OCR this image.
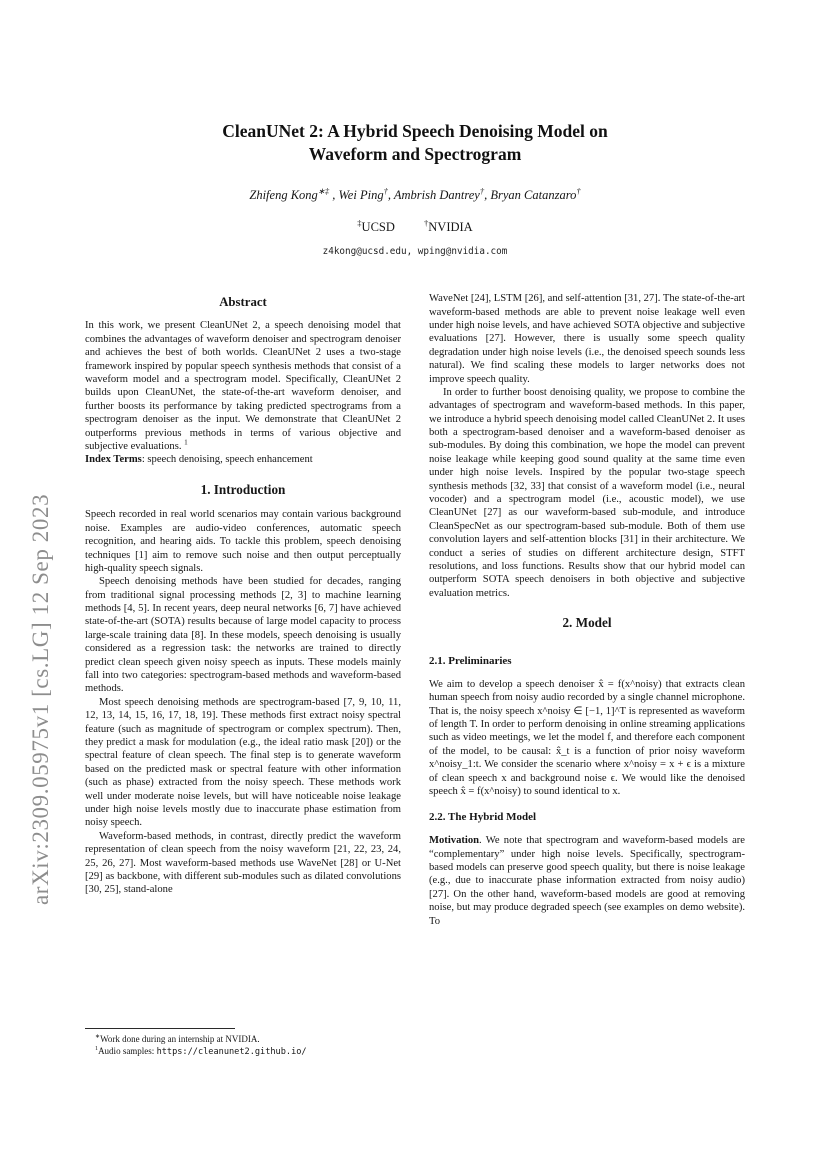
arXiv:2309.05975v1 [cs.LG] 12 Sep 2023
CleanUNet 2: A Hybrid Speech Denoising Model on
Waveform and Spectrogram
Zhifeng Kong∗‡ , Wei Ping†, Ambrish Dantrey†, Bryan Catanzaro†
‡UCSD	†NVIDIA
z4kong@ucsd.edu, wping@nvidia.com
Abstract

In this work, we present CleanUNet 2, a speech denoising model that combines the advantages of waveform denoiser and spectrogram denoiser and achieves the best of both worlds. CleanUNet 2 uses a two-stage framework inspired by popular speech synthesis methods that consist of a waveform model and a spectrogram model. Specifically, CleanUNet 2 builds upon CleanUNet, the state-of-the-art waveform denoiser, and further boosts its performance by taking predicted spectrograms from a spectrogram denoiser as the input. We demonstrate that CleanUNet 2 outperforms previous methods in terms of various objective and subjective evaluations. $^1$

Index Terms: speech denoising, speech enhancement

1. Introduction

Speech recorded in real world scenarios may contain various background noise. Examples are audio-video conferences, automatic speech recognition, and hearing aids. To tackle this problem, speech denoising techniques [1] aim to remove such noise and then output perceptually high-quality speech signals.

Speech denoising methods have been studied for decades, ranging from traditional signal processing methods [2, 3] to machine learning methods [4, 5]. In recent years, deep neural networks [6, 7] have achieved state-of-the-art (SOTA) results because of large model capacity to process large-scale training data [8]. In these models, speech denoising is usually considered as a regression task: the networks are trained to directly predict clean speech given noisy speech as inputs. These models mainly fall into two categories: spectrogram-based methods and waveform-based methods.

Most speech denoising methods are spectrogram-based [7, 9, 10, 11, 12, 13, 14, 15, 16, 17, 18, 19]. These methods first extract noisy spectral feature (such as magnitude of spectrogram or complex spectrum). Then, they predict a mask for modulation (e.g., the ideal ratio mask [20]) or the spectral feature of clean speech. The final step is to generate waveform based on the predicted mask or spectral feature with other information (such as phase) extracted from the noisy speech. These methods work well under moderate noise levels, but will have noticeable noise leakage under high noise levels mostly due to inaccurate phase estimation from noisy speech.

Waveform-based methods, in contrast, directly predict the waveform representation of clean speech from the noisy waveform [21, 22, 23, 24, 25, 26, 27]. Most waveform-based methods use WaveNet [28] or U-Net [29] as backbone, with different sub-modules such as dilated convolutions [30, 25], stand-alone

∗Work done during an internship at NVIDIA.

$^1$Audio samples: https://cleanunet2.github.io/

WaveNet [24], LSTM [26], and self-attention [31, 27]. The state-of-the-art waveform-based methods are able to prevent noise leakage well even under high noise levels, and have achieved SOTA objective and subjective evaluations [27]. However, there is usually some speech quality degradation under high noise levels (i.e., the denoised speech sounds less natural). We find scaling these models to larger networks does not improve speech quality.

In order to further boost denoising quality, we propose to combine the advantages of spectrogram and waveform-based methods. In this paper, we introduce a hybrid speech denoising model called CleanUNet 2. It uses both a spectrogram-based denoiser and a waveform-based denoiser as sub-modules. By doing this combination, we hope the model can prevent noise leakage while keeping good sound quality at the same time even under high noise levels. Inspired by the popular two-stage speech synthesis methods [32, 33] that consist of a waveform model (i.e., neural vocoder) and a spectrogram model (i.e., acoustic model), we use CleanUNet [27] as our waveform-based sub-module, and introduce CleanSpecNet as our spectrogram-based sub-module. Both of them use convolution layers and self-attention blocks [31] in their architecture. We conduct a series of studies on different architecture design, STFT resolutions, and loss functions. Results show that our hybrid model can outperform SOTA speech denoisers in both objective and subjective evaluation metrics.

2. Model
2.1. Preliminaries

We aim to develop a speech denoiser x̂ = f(x^noisy) that extracts clean human speech from noisy audio recorded by a single channel microphone. That is, the noisy speech x^noisy ∈ [−1, 1]^T is represented as waveform of length T. In order to perform denoising in online streaming applications such as video meetings, we let the model f, and therefore each component of the model, to be causal: x̂_t is a function of prior noisy waveform x^noisy_1:t. We consider the scenario where x^noisy = x + ϵ is a mixture of clean speech x and background noise ϵ. We would like the denoised speech x̂ = f(x^noisy) to sound identical to x.

2.2. The Hybrid Model

Motivation. We note that spectrogram and waveform-based models are “complementary” under high noise levels. Specifically, spectrogram-based models can preserve good speech quality, but there is noise leakage (e.g., due to inaccurate phase information extracted from noisy audio) [27]. On the other hand, waveform-based models are good at removing noise, but may produce degraded speech (see examples on demo website). To
